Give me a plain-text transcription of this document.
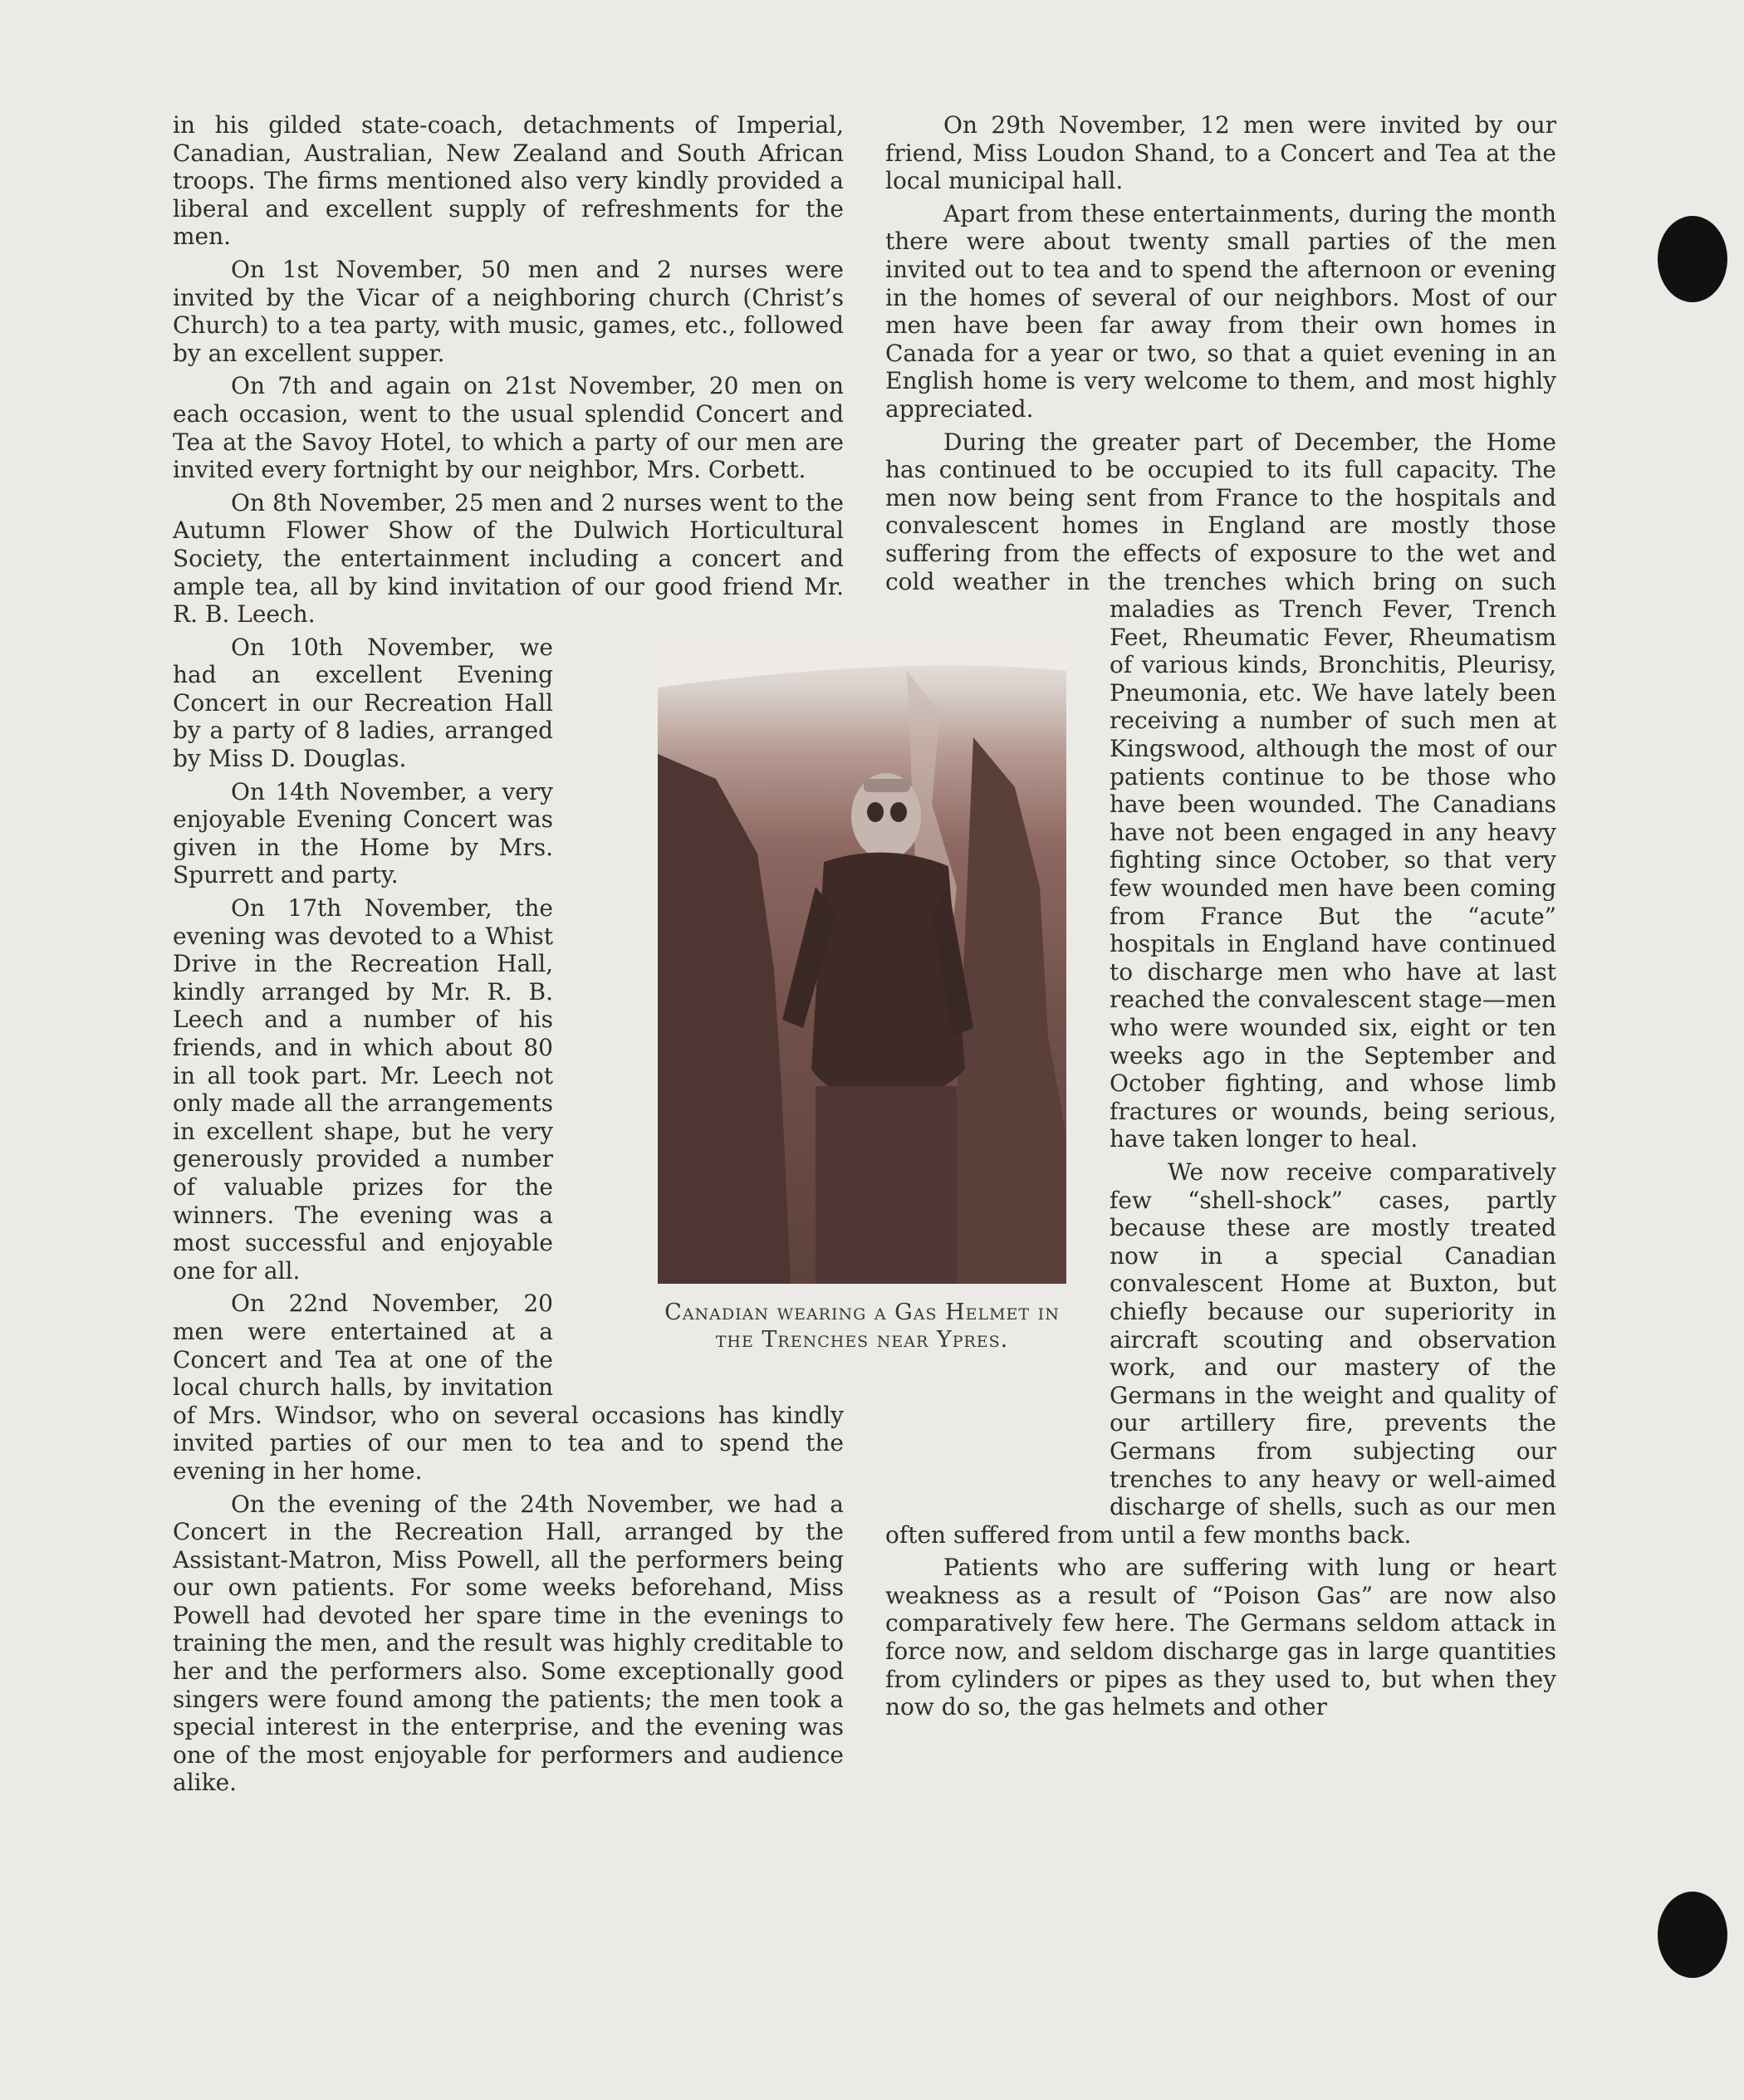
in his gilded state-coach, detachments of Imperial, Canadian, Australian, New Zealand and South African troops. The firms mentioned also very kindly provided a liberal and excellent supply of refreshments for the men.

On 1st November, 50 men and 2 nurses were invited by the Vicar of a neighboring church (Christ’s Church) to a tea party, with music, games, etc., followed by an excellent supper.

On 7th and again on 21st November, 20 men on each occasion, went to the usual splendid Concert and Tea at the Savoy Hotel, to which a party of our men are invited every fortnight by our neighbor, Mrs. Corbett.

On 8th November, 25 men and 2 nurses went to the Autumn Flower Show of the Dulwich Horticultural Society, the entertainment including a concert and ample tea, all by kind invitation of our good friend Mr. R. B. Leech.

On 10th November, we had an excellent Evening Concert in our Recreation Hall by a party of 8 ladies, arranged by Miss D. Douglas.

On 14th November, a very enjoyable Evening Concert was given in the Home by Mrs. Spurrett and party.

On 17th November, the evening was devoted to a Whist Drive in the Recreation Hall, kindly arranged by Mr. R. B. Leech and a number of his friends, and in which about 80 in all took part. Mr. Leech not only made all the arrangements in excellent shape, but he very generously provided a number of valuable prizes for the winners. The evening was a most successful and enjoyable one for all.

On 22nd November, 20 men were entertained at a Concert and Tea at one of the local church halls, by invitation of Mrs. Windsor, who on several occasions has kindly invited parties of our men to tea and to spend the evening in her home.

On the evening of the 24th November, we had a Concert in the Recreation Hall, arranged by the Assistant-Matron, Miss Powell, all the performers being our own patients. For some weeks beforehand, Miss Powell had devoted her spare time in the evenings to training the men, and the result was highly creditable to her and the performers also. Some exceptionally good singers were found among the patients; the men took a special interest in the enterprise, and the evening was one of the most enjoyable for performers and audience alike.

On 29th November, 12 men were invited by our friend, Miss Loudon Shand, to a Concert and Tea at the local municipal hall.

Apart from these entertainments, during the month there were about twenty small parties of the men invited out to tea and to spend the afternoon or evening in the homes of several of our neighbors. Most of our men have been far away from their own homes in Canada for a year or two, so that a quiet evening in an English home is very welcome to them, and most highly appreciated.

During the greater part of December, the Home has continued to be occupied to its full capacity. The men now being sent from France to the hospitals and convalescent homes in England are mostly those suffering from the effects of exposure to the wet and cold weather in the trenches which bring on such maladies as Trench Fever, Trench Feet, Rheumatic Fever, Rheumatism of various kinds, Bronchitis, Pleurisy, Pneumonia, etc. We have lately been receiving a number of such men at Kingswood, although the most of our patients continue to be those who have been wounded. The Canadians have not been engaged in any heavy fighting since October, so that very few wounded men have been coming from France But the “acute” hospitals in England have continued to discharge men who have at last reached the convalescent stage—men who were wounded six, eight or ten weeks ago in the September and October fighting, and whose limb fractures or wounds, being serious, have taken longer to heal.

We now receive comparatively few “shell-shock” cases, partly because these are mostly treated now in a special Canadian convalescent Home at Buxton, but chiefly because our superiority in aircraft scouting and observation work, and our mastery of the Germans in the weight and quality of our artillery fire, prevents the Germans from subjecting our trenches to any heavy or well-aimed discharge of shells, such as our men often suffered from until a few months back.

Patients who are suffering with lung or heart weakness as a result of “Poison Gas” are now also comparatively few here. The Germans seldom attack in force now, and seldom discharge gas in large quantities from cylinders or pipes as they used to, but when they now do so, the gas helmets and other

Canadian wearing a Gas Helmet in the Trenches near Ypres.
